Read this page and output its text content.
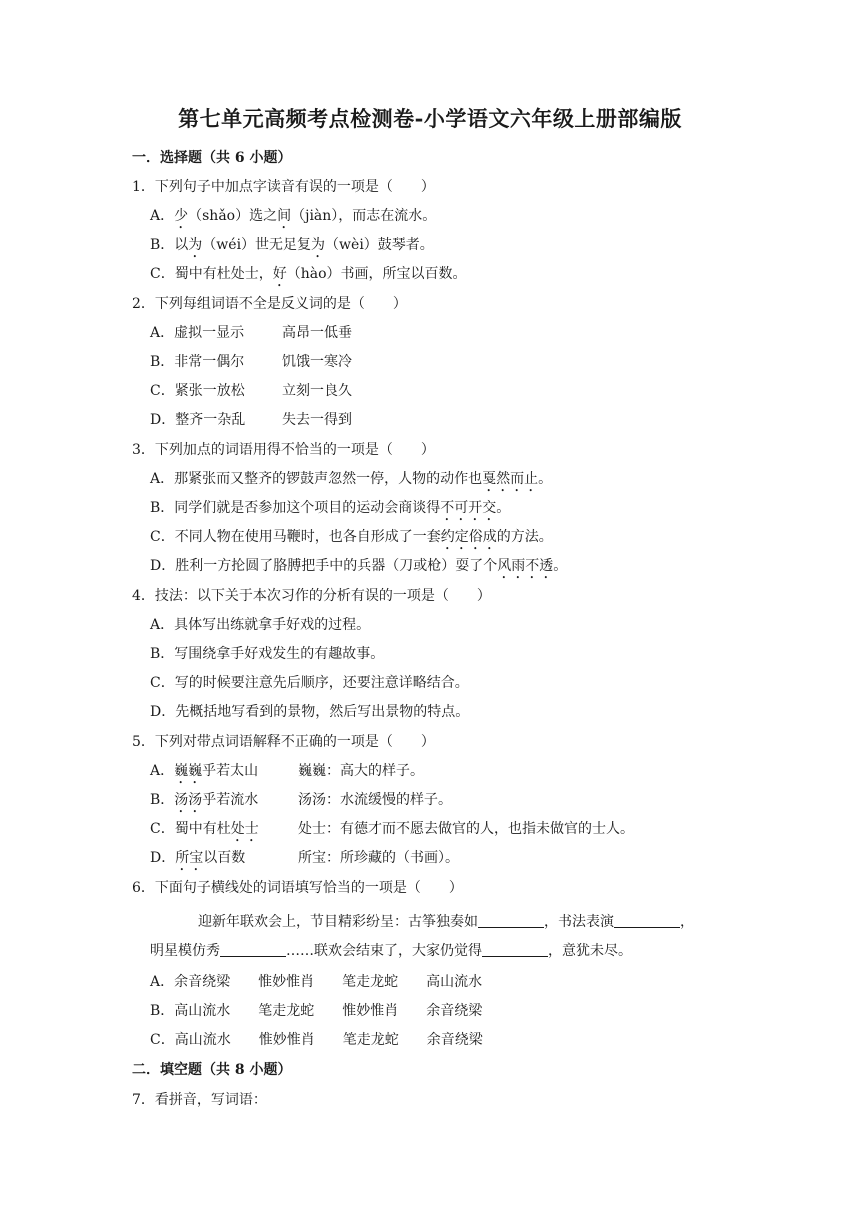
第七单元高频考点检测卷-小学语文六年级上册部编版
一．选择题（共 6 小题）
1．下列句子中加点字读音有误的一项是（　　）
A．少（shǎo）选之间（jiàn），而志在流水。
B．以为（wéi）世无足复为（wèi）鼓琴者。
C．蜀中有杜处士，好（hào）书画，所宝以百数。
2．下列每组词语不全是反义词的是（　　）
A．虚拟一显示	高昂一低垂
B．非常一偶尔	饥饿一寒冷
C．紧张一放松	立刻一良久
D．整齐一杂乱	失去一得到
3．下列加点的词语用得不恰当的一项是（　　）
A．那紧张而又整齐的锣鼓声忽然一停，人物的动作也戛然而止。
B．同学们就是否参加这个项目的运动会商谈得不可开交。
C．不同人物在使用马鞭时，也各自形成了一套约定俗成的方法。
D．胜利一方抡圆了胳膊把手中的兵器（刀或枪）耍了个风雨不透。
4．技法：以下关于本次习作的分析有误的一项是（　　）
A．具体写出练就拿手好戏的过程。
B．写围绕拿手好戏发生的有趣故事。
C．写的时候要注意先后顺序，还要注意详略结合。
D．先概括地写看到的景物，然后写出景物的特点。
5．下列对带点词语解释不正确的一项是（　　）
A．巍巍乎若太山	巍巍：高大的样子。
B．汤汤乎若流水	汤汤：水流缓慢的样子。
C．蜀中有杜处士	处士：有德才而不愿去做官的人，也指未做官的士人。
D．所宝以百数	所宝：所珍藏的（书画）。
6．下面句子横线处的词语填写恰当的一项是（　　）
迎新年联欢会上，节目精彩纷呈：古筝独奏如	，书法表演	，
明星模仿秀	……联欢会结束了，大家仍觉得	，意犹未尽。
A．余音绕梁　　惟妙惟肖　　笔走龙蛇　　高山流水
B．高山流水　　笔走龙蛇　　惟妙惟肖　　余音绕梁
C．高山流水　　惟妙惟肖　　笔走龙蛇　　余音绕梁
二．填空题（共 8 小题）
7．看拼音，写词语：
